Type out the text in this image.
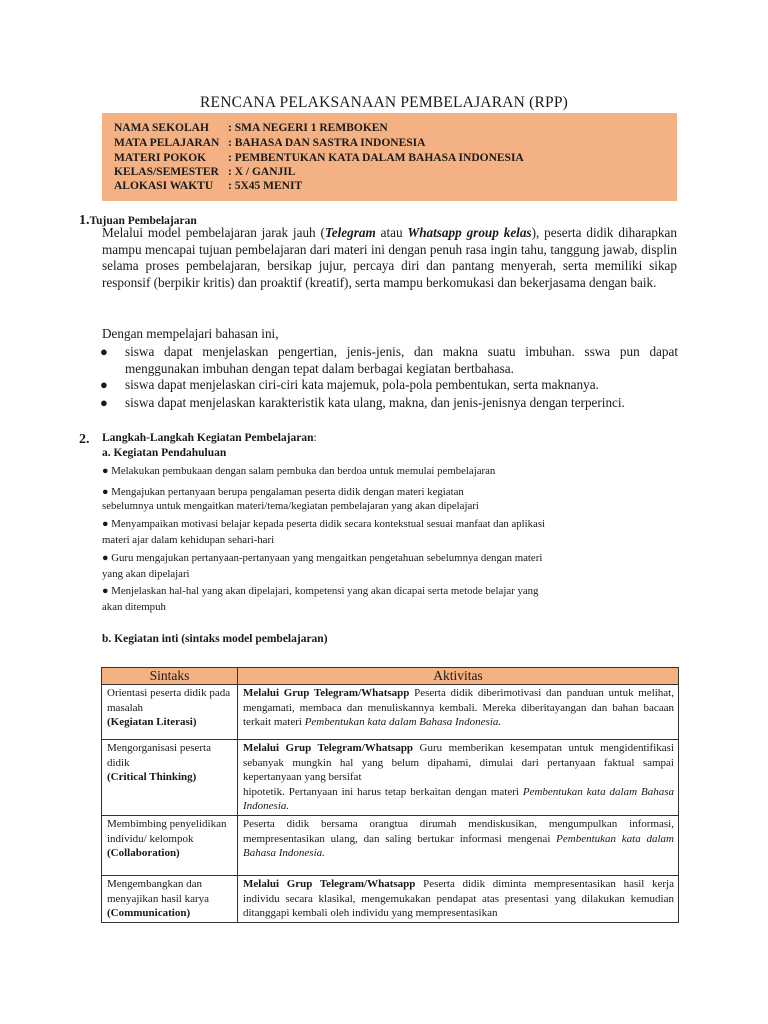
RENCANA PELAKSANAAN PEMBELAJARAN (RPP)
NAMA SEKOLAH : SMA NEGERI 1 REMBOKEN
MATA PELAJARAN : BAHASA DAN SASTRA INDONESIA
MATERI POKOK : PEMBENTUKAN KATA DALAM BAHASA INDONESIA
KELAS/SEMESTER : X / GANJIL
ALOKASI WAKTU : 5X45 MENIT
1.Tujuan Pembelajaran
Melalui model pembelajaran jarak jauh (Telegram atau Whatsapp group kelas), peserta didik diharapkan mampu mencapai tujuan pembelajaran dari materi ini dengan penuh rasa ingin tahu, tanggung jawab, displin selama proses pembelajaran, bersikap jujur, percaya diri dan pantang menyerah, serta memiliki sikap responsif (berpikir kritis) dan proaktif (kreatif), serta mampu berkomukasi dan bekerjasama dengan baik.
Dengan mempelajari bahasan ini,
● siswa dapat menjelaskan pengertian, jenis-jenis, dan makna suatu imbuhan. sswa pun dapat menggunakan imbuhan dengan tepat dalam berbagai kegiatan bertbahasa.
● siswa dapat menjelaskan ciri-ciri kata majemuk, pola-pola pembentukan, serta maknanya.
● siswa dapat menjelaskan karakteristik kata ulang, makna, dan jenis-jenisnya dengan terperinci.
2. Langkah-Langkah Kegiatan Pembelajaran:
a. Kegiatan Pendahuluan
● Melakukan pembukaan dengan salam pembuka dan berdoa untuk memulai pembelajaran
● Mengajukan pertanyaan berupa pengalaman peserta didik dengan materi kegiatan
sebelumnya untuk mengaitkan materi/tema/kegiatan pembelajaran yang akan dipelajari
● Menyampaikan motivasi belajar kepada peserta didik secara kontekstual sesuai manfaat dan aplikasi
materi ajar dalam kehidupan sehari-hari
● Guru mengajukan pertanyaan-pertanyaan yang mengaitkan pengetahuan sebelumnya dengan materi
yang akan dipelajari
● Menjelaskan hal-hal yang akan dipelajari, kompetensi yang akan dicapai serta metode belajar yang
akan ditempuh
b. Kegiatan inti (sintaks model pembelajaran)
Sintaks	Aktivitas
Orientasi peserta didik pada masalah
(Kegiatan Literasi)	Melalui Grup Telegram/Whatsapp Peserta didik diberimotivasi dan panduan untuk melihat, mengamati, membaca dan menuliskannya kembali. Mereka diberitayangan dan bahan bacaan terkait materi Pembentukan kata dalam Bahasa Indonesia.
Mengorganisasi peserta didik
(Critical Thinking)	Melalui Grup Telegram/Whatsapp Guru memberikan kesempatan untuk mengidentifikasi sebanyak mungkin hal yang belum dipahami, dimulai dari pertanyaan faktual sampai kepertanyaan yang bersifat
hipotetik. Pertanyaan ini harus tetap berkaitan dengan materi Pembentukan kata dalam Bahasa Indonesia.
Membimbing penyelidikan individu/ kelompok
(Collaboration)	Peserta didik bersama orangtua dirumah mendiskusikan, mengumpulkan informasi, mempresentasikan ulang, dan saling bertukar informasi mengenai Pembentukan kata dalam Bahasa Indonesia.
Mengembangkan dan menyajikan hasil karya
(Communication)	Melalui Grup Telegram/Whatsapp Peserta didik diminta mempresentasikan hasil kerja individu secara klasikal, mengemukakan pendapat atas presentasi yang dilakukan kemudian ditanggapi kembali oleh individu yang mempresentasikan
